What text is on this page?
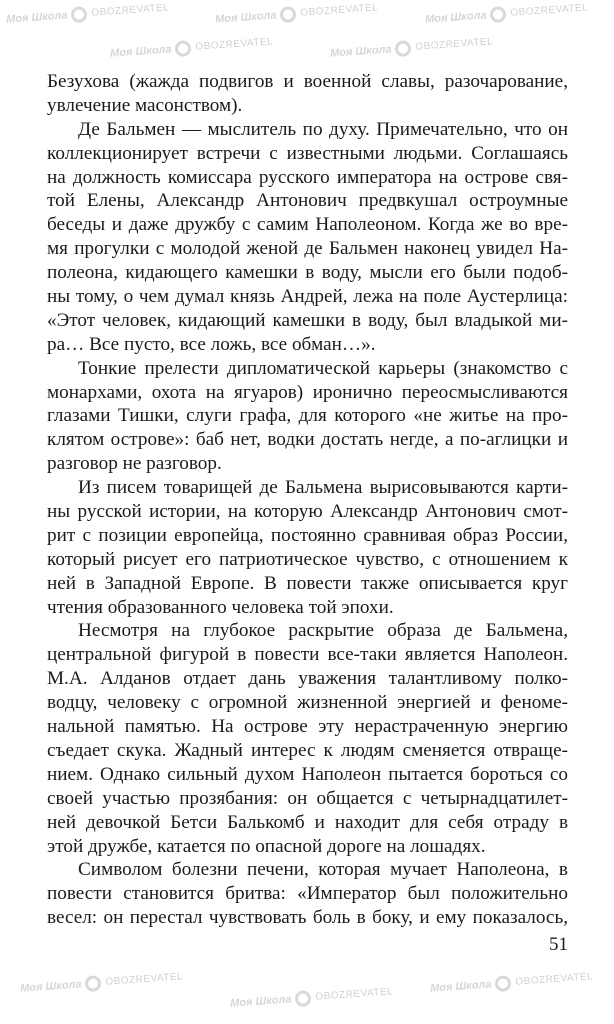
Моя Школа OBOZREVATEL	Моя Школа OBOZREVATEL	Моя Школа OBOZREVATEL
Моя Школа OBOZREVATEL	Моя Школа OBOZREVATEL
Моя Школа OBOZREVATEL
Моя Школа OBOZREVATEL	Моя Школа OBOZREVATEL
Безухова (жажда подвигов и военной славы, разочарование,
увлечение масонством).
Де Бальмен — мыслитель по духу. Примечательно, что он
коллекционирует встречи с известными людьми. Соглашаясь
на должность комиссара русского императора на острове свя-
той Елены, Александр Антонович предвкушал остроумные
беседы и даже дружбу с самим Наполеоном. Когда же во вре-
мя прогулки с молодой женой де Бальмен наконец увидел На-
полеона, кидающего камешки в воду, мысли его были подоб-
ны тому, о чем думал князь Андрей, лежа на поле Аустерлица:
«Этот человек, кидающий камешки в воду, был владыкой ми-
ра… Все пусто, все ложь, все обман…».
Тонкие прелести дипломатической карьеры (знакомство с
монархами, охота на ягуаров) иронично переосмысливаются
глазами Тишки, слуги графа, для которого «не житье на про-
клятом острове»: баб нет, водки достать негде, а по-аглицки и
разговор не разговор.
Из писем товарищей де Бальмена вырисовываются карти-
ны русской истории, на которую Александр Антонович смот-
рит с позиции европейца, постоянно сравнивая образ России,
который рисует его патриотическое чувство, с отношением к
ней в Западной Европе. В повести также описывается круг
чтения образованного человека той эпохи.
Несмотря на глубокое раскрытие образа де Бальмена,
центральной фигурой в повести все-таки является Наполеон.
М.А. Алданов отдает дань уважения талантливому полко-
водцу, человеку с огромной жизненной энергией и феноме-
нальной памятью. На острове эту нерастраченную энергию
съедает скука. Жадный интерес к людям сменяется отвраще-
нием. Однако сильный духом Наполеон пытается бороться со
своей участью прозябания: он общается с четырнадцатилет-
ней девочкой Бетси Балькомб и находит для себя отраду в
этой дружбе, катается по опасной дороге на лошадях.
Символом болезни печени, которая мучает Наполеона, в
повести становится бритва: «Император был положительно
весел: он перестал чувствовать боль в боку, и ему показалось,
51
